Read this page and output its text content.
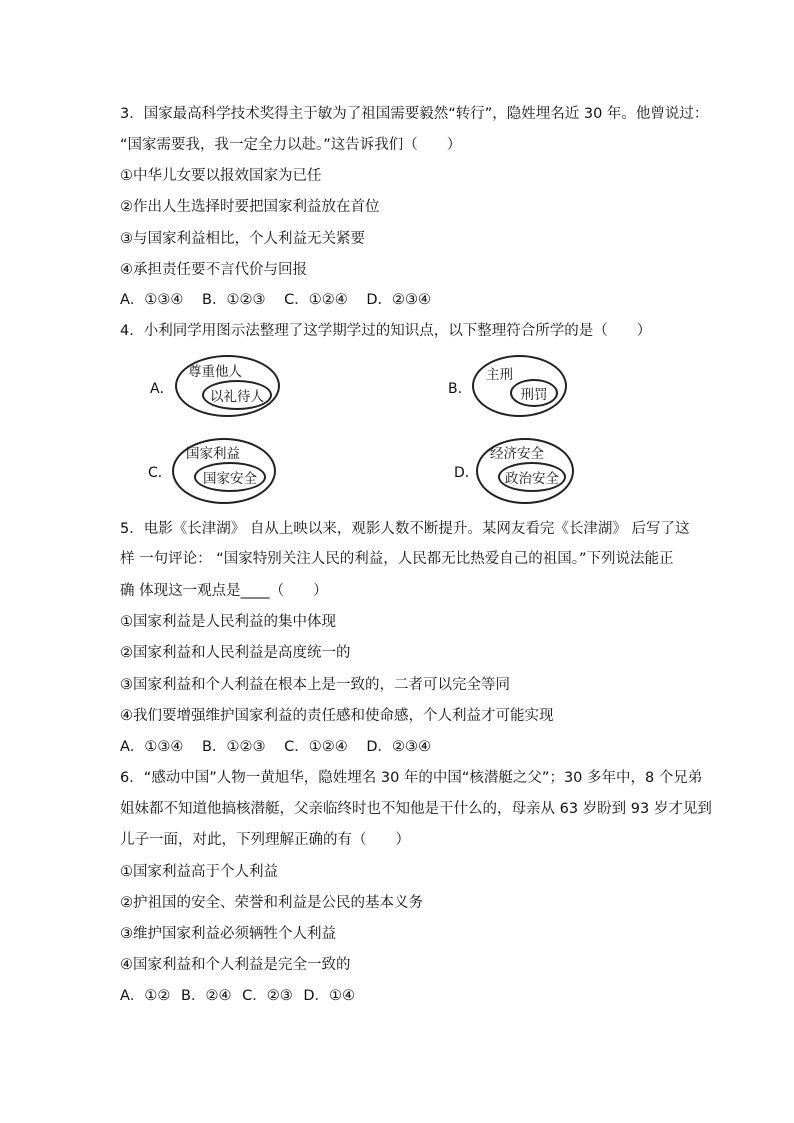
3．国家最高科学技术奖得主于敏为了祖国需要毅然“转行”，隐姓埋名近 30 年。他曾说过：
“国家需要我，我一定全力以赴。”这告诉我们（　　）
①中华儿女要以报效国家为已任
②作出人生选择时要把国家利益放在首位
③与国家利益相比，个人利益无关紧要
④承担责任要不言代价与回报
A．①③④ B．①②③ C．①②④ D．②③④
4．小利同学用图示法整理了这学期学过的知识点，以下整理符合所学的是（　　）
A．
尊重他人
以礼待人	B．
主刑
刑罚
C．
国家利益
国家安全	D．
经济安全
政治安全
5．电影《长津湖》 自从上映以来，观影人数不断提升。某网友看完《长津湖》 后写了这
样 一句评论： “国家特别关注人民的利益，人民都无比热爱自己的祖国。”下列说法能正
确 体现这一观点是____（　　）
①国家利益是人民利益的集中体现
②国家利益和人民利益是高度统一的
③国家利益和个人利益在根本上是一致的，二者可以完全等同
④我们要增强维护国家利益的责任感和使命感，个人利益才可能实现
A．①③④ B．①②③ C．①②④ D．②③④
6．“感动中国”人物一黄旭华，隐姓埋名 30 年的中国“核潜艇之父”；30 多年中，8 个兄弟
姐妹都不知道他搞核潜艇，父亲临终时也不知他是干什么的，母亲从 63 岁盼到 93 岁才见到
儿子一面，对此，下列理解正确的有（　　）
①国家利益高于个人利益
②护祖国的安全、荣誉和利益是公民的基本义务
③维护国家利益必须辆牲个人利益
④国家利益和个人利益是完全一致的
A．①② B．②④ C．②③ D．①④
